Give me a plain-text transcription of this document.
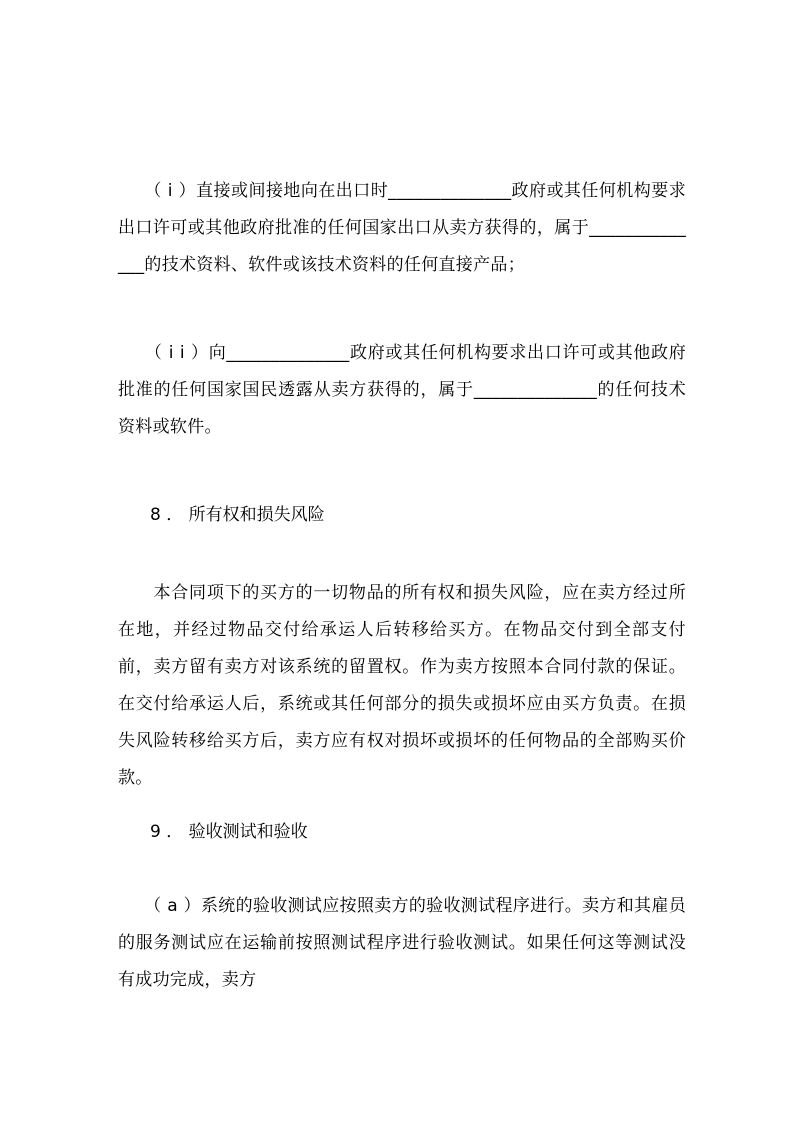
　　（ i ）直接或间接地向在出口时______________政府或其任何机构要求出口许可或其他政府批准的任何国家出口从卖方获得的，属于______________的技术资料、软件或该技术资料的任何直接产品；

　　（ i i ）向______________政府或其任何机构要求出口许可或其他政府批准的任何国家国民透露从卖方获得的，属于______________的任何技术资料或软件。

8 ． 所有权和损失风险

　　本合同项下的买方的一切物品的所有权和损失风险，应在卖方经过所在地，并经过物品交付给承运人后转移给买方。在物品交付到全部支付前，卖方留有卖方对该系统的留置权。作为卖方按照本合同付款的保证。在交付给承运人后，系统或其任何部分的损失或损坏应由买方负责。在损失风险转移给买方后，卖方应有权对损坏或损坏的任何物品的全部购买价款。

9 ． 验收测试和验收

　　（ a ）系统的验收测试应按照卖方的验收测试程序进行。卖方和其雇员的服务测试应在运输前按照测试程序进行验收测试。如果任何这等测试没有成功完成，卖方
